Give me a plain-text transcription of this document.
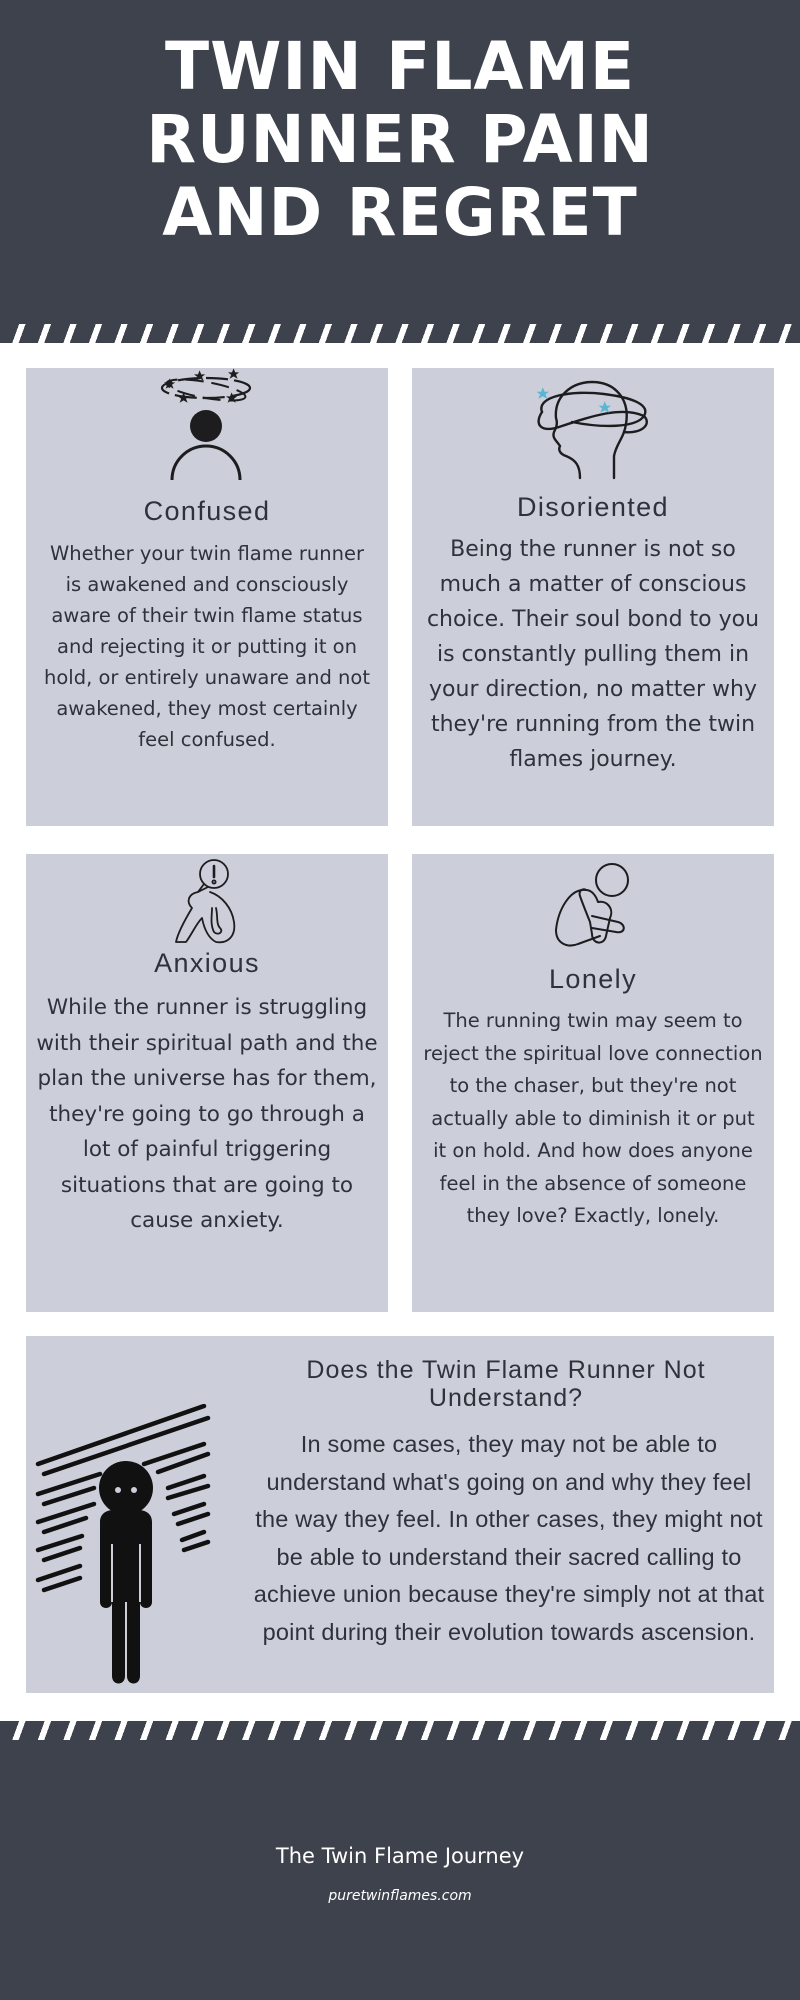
TWIN FLAME
RUNNER PAIN
AND REGRET
Confused

Whether your twin flame runner is awakened and consciously aware of their twin flame status and rejecting it or putting it on hold, or entirely unaware and not awakened, they most certainly feel confused.

Disoriented

Being the runner is not so much a matter of conscious choice. Their soul bond to you is constantly pulling them in your direction, no matter why they're running from the twin flames journey.

Anxious

While the runner is struggling with their spiritual path and the plan the universe has for them, they're going to go through a lot of painful triggering situations that are going to cause anxiety.

Lonely

The running twin may seem to reject the spiritual love connection to the chaser, but they're not actually able to diminish it or put it on hold. And how does anyone feel in the absence of someone they love? Exactly, lonely.

Does the Twin Flame Runner Not Understand?

In some cases, they may not be able to understand what's going on and why they feel the way they feel. In other cases, they might not be able to understand their sacred calling to achieve union because they're simply not at that point during their evolution towards ascension.

The Twin Flame Journey
puretwinflames.com
